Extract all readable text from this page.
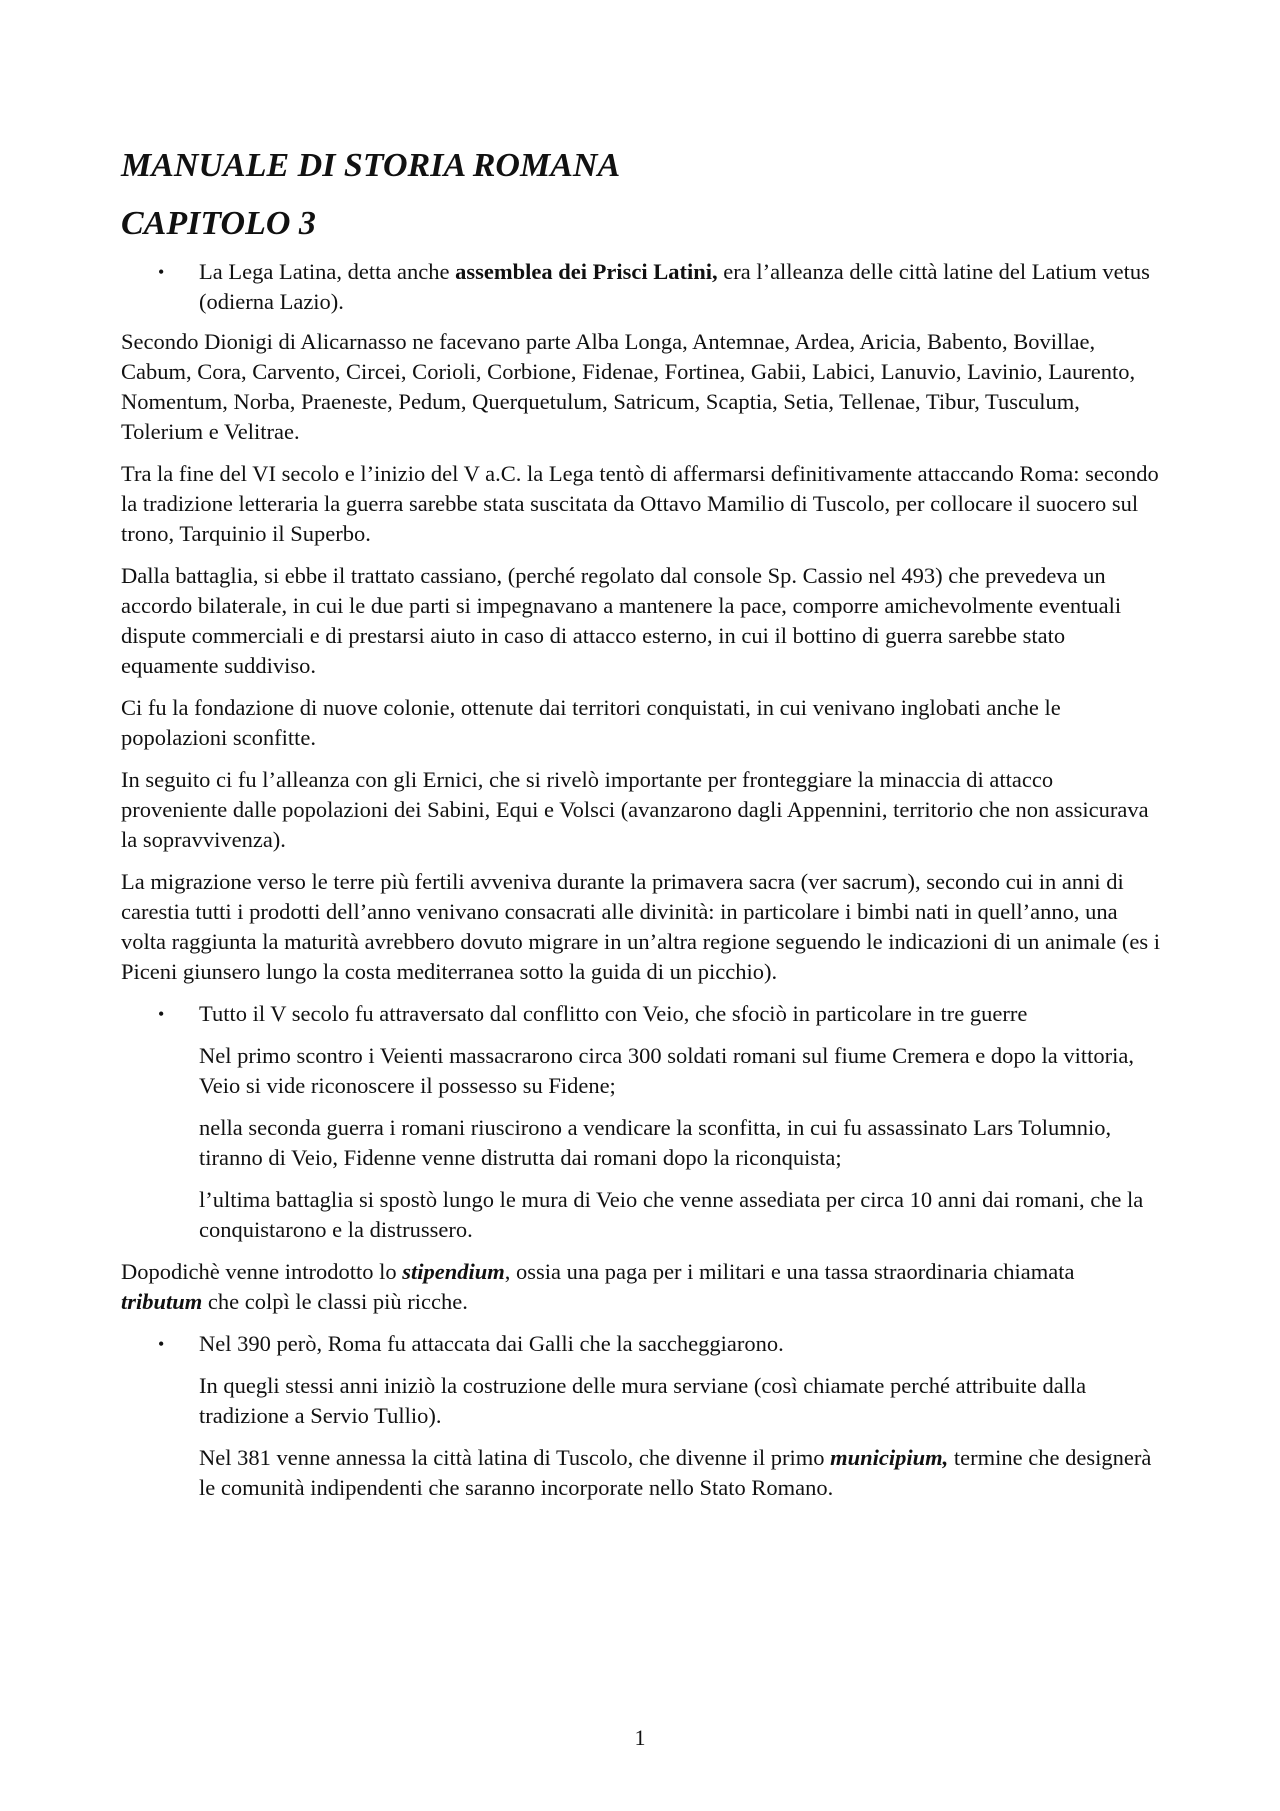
MANUALE DI STORIA ROMANA
CAPITOLO 3
• La Lega Latina, detta anche assemblea dei Prisci Latini, era l’alleanza delle città latine del Latium vetus (odierna Lazio).
Secondo Dionigi di Alicarnasso ne facevano parte Alba Longa, Antemnae, Ardea, Aricia, Babento, Bovillae, Cabum, Cora, Carvento, Circei, Corioli, Corbione, Fidenae, Fortinea, Gabii, Labici, Lanuvio, Lavinio, Laurento, Nomentum, Norba, Praeneste, Pedum, Querquetulum, Satricum, Scaptia, Setia, Tellenae, Tibur, Tusculum, Tolerium e Velitrae.
Tra la fine del VI secolo e l’inizio del V a.C. la Lega tentò di affermarsi definitivamente attaccando Roma: secondo la tradizione letteraria la guerra sarebbe stata suscitata da Ottavo Mamilio di Tuscolo, per collocare il suocero sul trono, Tarquinio il Superbo.
Dalla battaglia, si ebbe il trattato cassiano, (perché regolato dal console Sp. Cassio nel 493) che prevedeva un accordo bilaterale, in cui le due parti si impegnavano a mantenere la pace, comporre amichevolmente eventuali dispute commerciali e di prestarsi aiuto in caso di attacco esterno, in cui il bottino di guerra sarebbe stato equamente suddiviso.
Ci fu la fondazione di nuove colonie, ottenute dai territori conquistati, in cui venivano inglobati anche le popolazioni sconfitte.
In seguito ci fu l’alleanza con gli Ernici, che si rivelò importante per fronteggiare la minaccia di attacco proveniente dalle popolazioni dei Sabini, Equi e Volsci (avanzarono dagli Appennini, territorio che non assicurava la sopravvivenza).
La migrazione verso le terre più fertili avveniva durante la primavera sacra (ver sacrum), secondo cui in anni di carestia tutti i prodotti dell’anno venivano consacrati alle divinità: in particolare i bimbi nati in quell’anno, una volta raggiunta la maturità avrebbero dovuto migrare in un’altra regione seguendo le indicazioni di un animale (es i Piceni giunsero lungo la costa mediterranea sotto la guida di un picchio).
• Tutto il V secolo fu attraversato dal conflitto con Veio, che sfociò in particolare in tre guerre
Nel primo scontro i Veienti massacrarono circa 300 soldati romani sul fiume Cremera e dopo la vittoria, Veio si vide riconoscere il possesso su Fidene;
nella seconda guerra i romani riuscirono a vendicare la sconfitta, in cui fu assassinato Lars Tolumnio, tiranno di Veio, Fidenne venne distrutta dai romani dopo la riconquista;
l’ultima battaglia si spostò lungo le mura di Veio che venne assediata per circa 10 anni dai romani, che la conquistarono e la distrussero.
Dopodichè venne introdotto lo stipendium, ossia una paga per i militari e una tassa straordinaria chiamata tributum che colpì le classi più ricche.
• Nel 390 però, Roma fu attaccata dai Galli che la saccheggiarono.
In quegli stessi anni iniziò la costruzione delle mura serviane (così chiamate perché attribuite dalla tradizione a Servio Tullio).
Nel 381 venne annessa la città latina di Tuscolo, che divenne il primo municipium, termine che designerà le comunità indipendenti che saranno incorporate nello Stato Romano.
1
